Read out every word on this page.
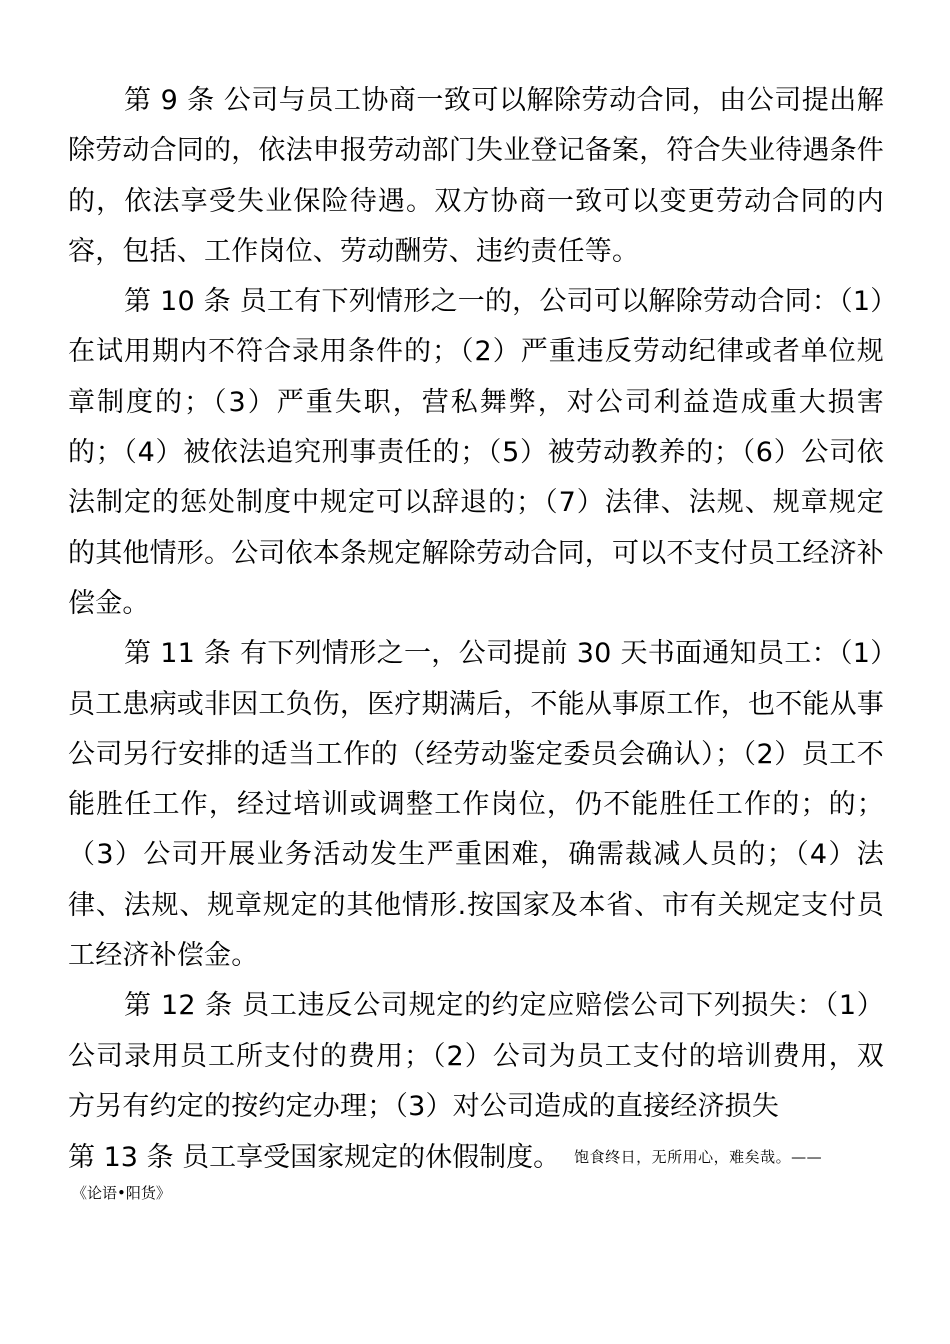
第 9 条 公司与员工协商一致可以解除劳动合同，由公司提出解除劳动合同的，依法申报劳动部门失业登记备案，符合失业待遇条件的，依法享受失业保险待遇。双方协商一致可以变更劳动合同的内容，包括、工作岗位、劳动酬劳、违约责任等。

第 10 条 员工有下列情形之一的，公司可以解除劳动合同：（1）在试用期内不符合录用条件的；（2）严重违反劳动纪律或者单位规章制度的；（3）严重失职，营私舞弊，对公司利益造成重大损害的；（4）被依法追究刑事责任的；（5）被劳动教养的；（6）公司依法制定的惩处制度中规定可以辞退的；（7）法律、法规、规章规定的其他情形。公司依本条规定解除劳动合同，可以不支付员工经济补偿金。

第 11 条 有下列情形之一，公司提前 30 天书面通知员工：（1）员工患病或非因工负伤，医疗期满后，不能从事原工作，也不能从事公司另行安排的适当工作的（经劳动鉴定委员会确认）；（2）员工不能胜任工作，经过培训或调整工作岗位，仍不能胜任工作的；的；（3）公司开展业务活动发生严重困难，确需裁减人员的；（4）法律、法规、规章规定的其他情形.按国家及本省、市有关规定支付员工经济补偿金。

第 12 条 员工违反公司规定的约定应赔偿公司下列损失：（1）公司录用员工所支付的费用；（2）公司为员工支付的培训费用，双方另有约定的按约定办理；（3）对公司造成的直接经济损失

第 13 条 员工享受国家规定的休假制度。 饱食终日，无所用心，难矣哉。——

《论语•阳货》
